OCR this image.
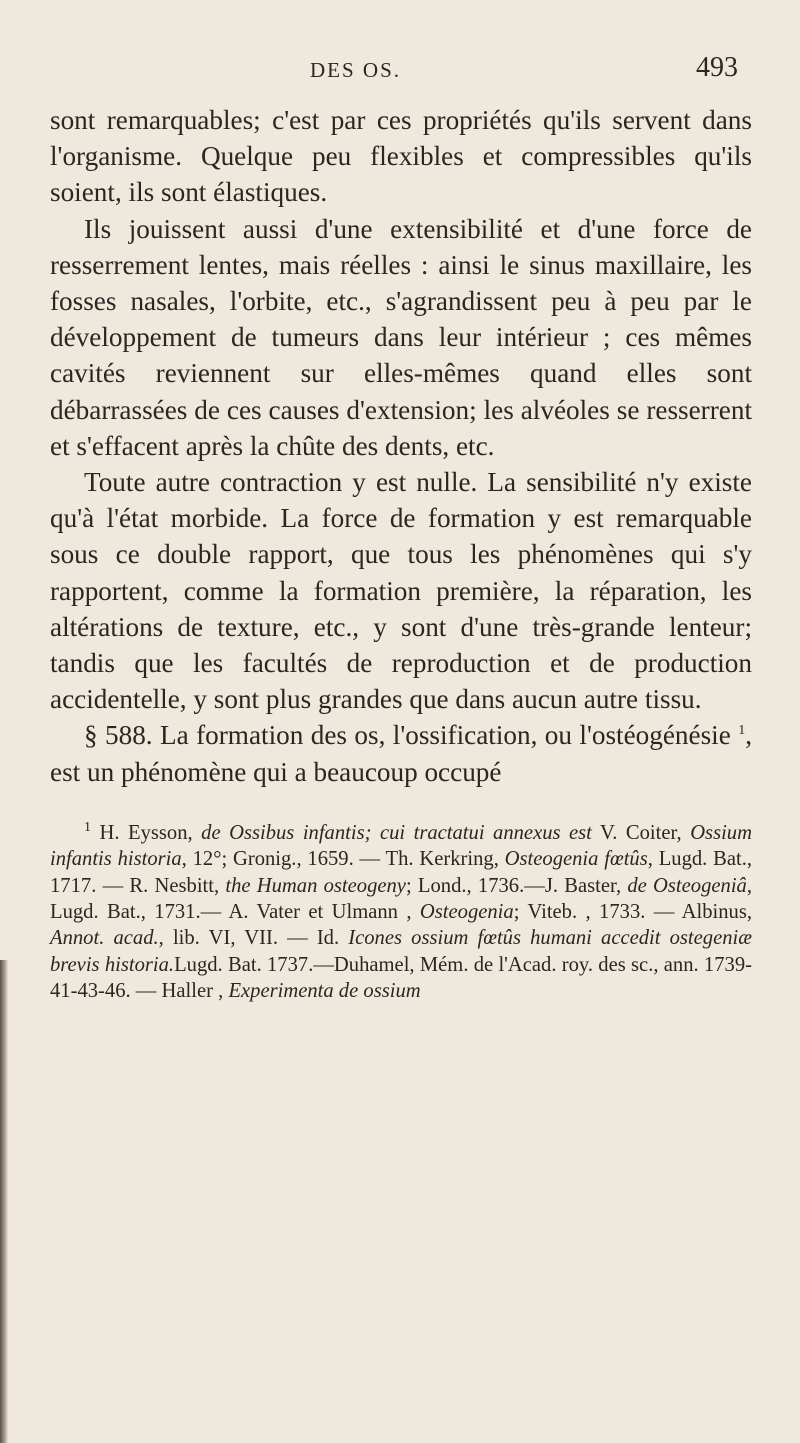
DES OS.	493

sont remarquables; c'est par ces propriétés qu'ils servent dans l'organisme. Quelque peu flexibles et compressibles qu'ils soient, ils sont élastiques.

Ils jouissent aussi d'une extensibilité et d'une force de resserrement lentes, mais réelles : ainsi le sinus maxillaire, les fosses nasales, l'orbite, etc., s'agrandissent peu à peu par le développement de tumeurs dans leur intérieur ; ces mêmes cavités reviennent sur elles-mêmes quand elles sont débarrassées de ces causes d'extension; les alvéoles se resserrent et s'effacent après la chûte des dents, etc.

Toute autre contraction y est nulle. La sensibilité n'y existe qu'à l'état morbide. La force de formation y est remarquable sous ce double rapport, que tous les phénomènes qui s'y rapportent, comme la formation première, la réparation, les altérations de texture, etc., y sont d'une très-grande lenteur; tandis que les facultés de reproduction et de production accidentelle, y sont plus grandes que dans aucun autre tissu.

§ 588. La formation des os, l'ossification, ou l'ostéogénésie $^1$, est un phénomène qui a beaucoup occupé

$^1$ H. Eysson, de Ossibus infantis; cui tractatui annexus est V. Coiter, Ossium infantis historia, 12°; Gronig., 1659. — Th. Kerkring, Osteogenia fœtûs, Lugd. Bat., 1717. — R. Nesbitt, the Human osteogeny; Lond., 1736.—J. Baster, de Osteogeniâ, Lugd. Bat., 1731.— A. Vater et Ulmann , Osteogenia; Viteb. , 1733. — Albinus, Annot. acad., lib. VI, VII. — Id. Icones ossium fœtûs humani accedit ostegeniæ brevis historia.Lugd. Bat. 1737.—Duhamel, Mém. de l'Acad. roy. des sc., ann. 1739-41-43-46. — Haller , Experimenta de ossium
